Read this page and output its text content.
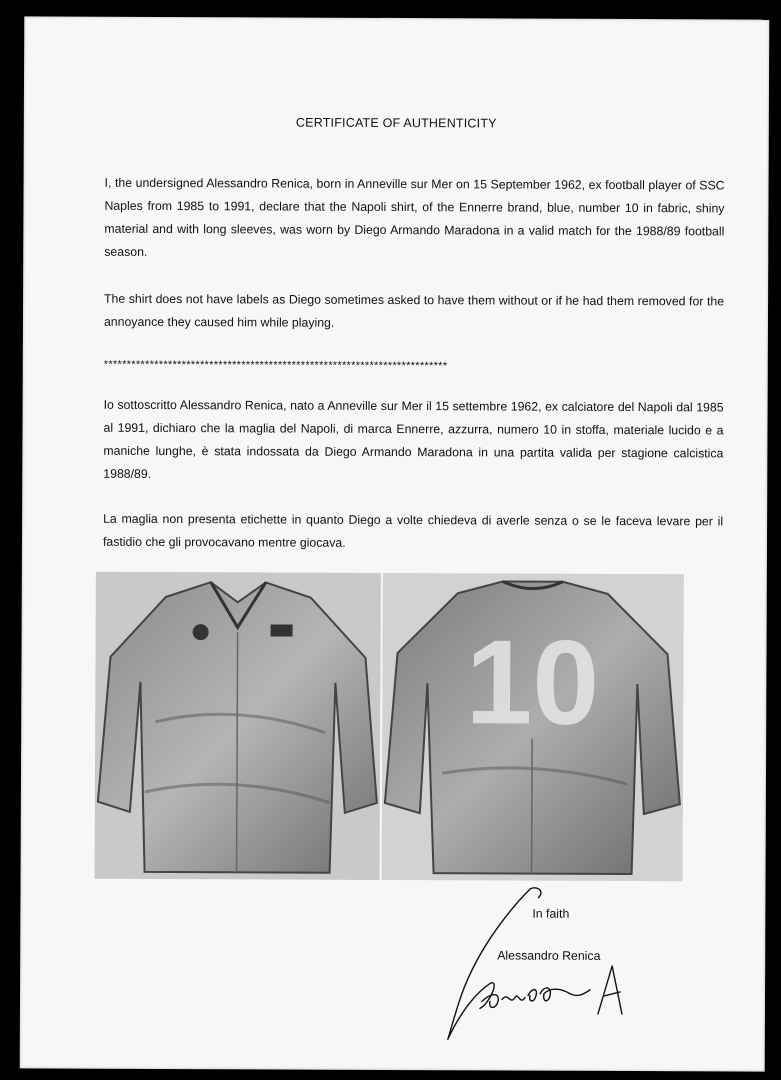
CERTIFICATE OF AUTHENTICITY

I, the undersigned Alessandro Renica, born in Anneville sur Mer on 15 September 1962, ex football player of SSC Naples from 1985 to 1991, declare that the Napoli shirt, of the Ennerre brand, blue, number 10 in fabric, shiny material and with long sleeves, was worn by Diego Armando Maradona in a valid match for the 1988/89 football season.

The shirt does not have labels as Diego sometimes asked to have them without or if he had them removed for the annoyance they caused him while playing.

***************************************************************************

Io sottoscritto Alessandro Renica, nato a Anneville sur Mer il 15 settembre 1962, ex calciatore del Napoli dal 1985 al 1991, dichiaro che la maglia del Napoli, di marca Ennerre, azzurra, numero 10 in stoffa, materiale lucido e a maniche lunghe, è stata indossata da Diego Armando Maradona in una partita valida per stagione calcistica 1988/89.

La maglia non presenta etichette in quanto Diego a volte chiedeva di averle senza o se le faceva levare per il fastidio che gli provocavano mentre giocava.

10
In faith
Alessandro Renica
